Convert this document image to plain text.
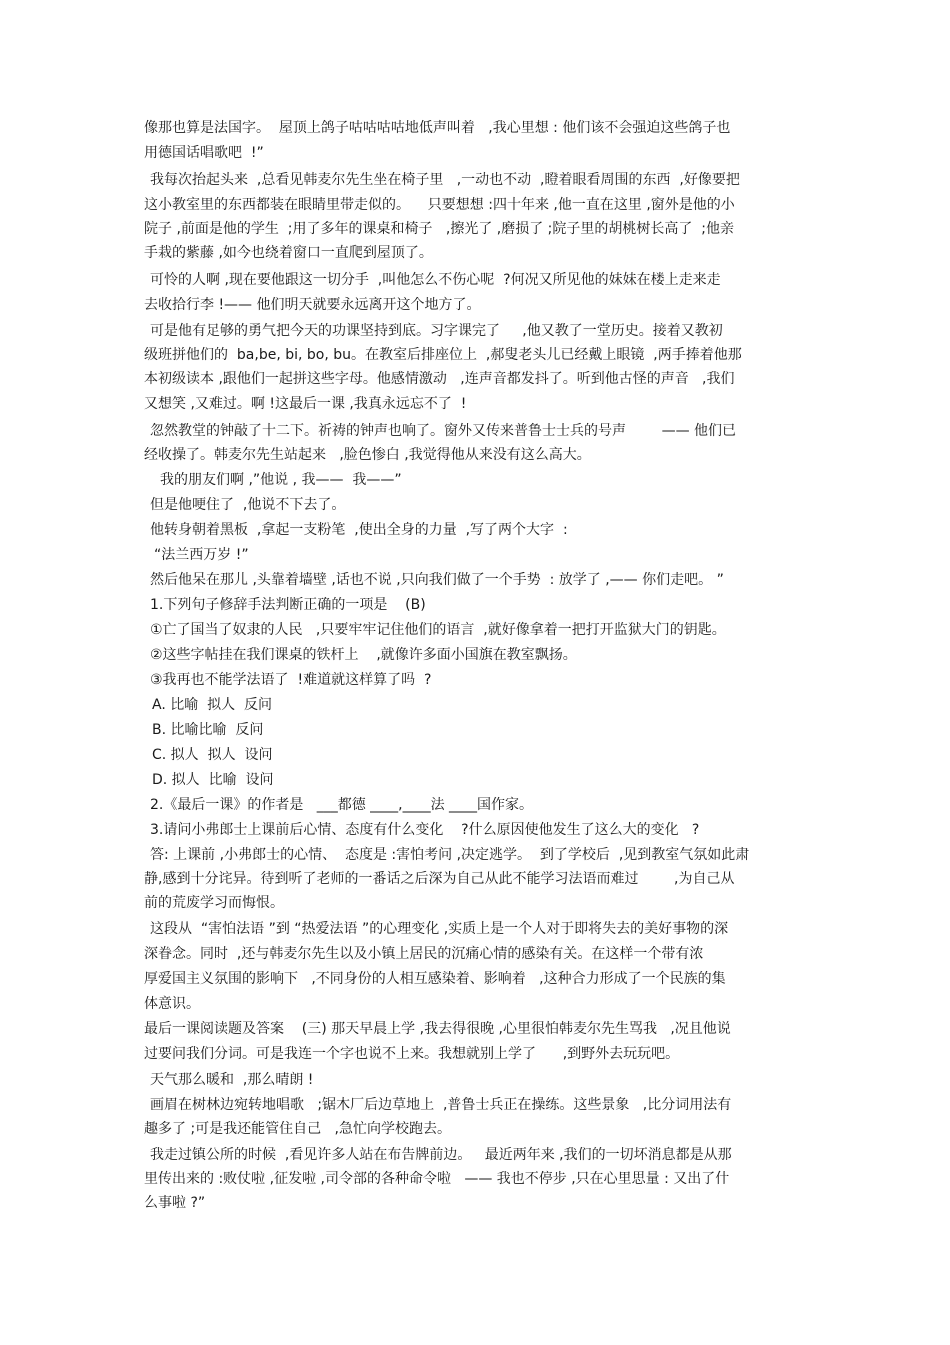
像那也算是法国字。  屋顶上鸽子咕咕咕咕地低声叫着   ,我心里想 : 他们该不会强迫这些鸽子也
用德国话唱歌吧  !”
我每次抬起头来  ,总看见韩麦尔先生坐在椅子里   ,一动也不动  ,瞪着眼看周围的东西  ,好像要把
这小教室里的东西都装在眼睛里带走似的。    只要想想 :四十年来 ,他一直在这里 ,窗外是他的小
院子 ,前面是他的学生  ;用了多年的课桌和椅子   ,擦光了 ,磨损了 ;院子里的胡桃树长高了  ;他亲
手栽的紫藤 ,如今也绕着窗口一直爬到屋顶了。
可怜的人啊 ,现在要他跟这一切分手  ,叫他怎么不伤心呢  ?何况又所见他的妹妹在楼上走来走
去收拾行李 !—— 他们明天就要永远离开这个地方了。
可是他有足够的勇气把今天的功课坚持到底。习字课完了     ,他又教了一堂历史。接着又教初
级班拼他们的  ba,be, bi, bo, bu。在教室后排座位上  ,郝叟老头儿已经戴上眼镜  ,两手捧着他那
本初级读本 ,跟他们一起拼这些字母。他感情激动   ,连声音都发抖了。听到他古怪的声音   ,我们
又想笑 ,又难过。啊 !这最后一课 ,我真永远忘不了  !
忽然教堂的钟敲了十二下。祈祷的钟声也响了。窗外又传来普鲁士士兵的号声        —— 他们已
经收操了。韩麦尔先生站起来   ,脸色惨白 ,我觉得他从来没有这么高大。
我的朋友们啊 ,”他说 , 我——  我——”
但是他哽住了  ,他说不下去了。
他转身朝着黑板  ,拿起一支粉笔  ,使出全身的力量  ,写了两个大字  :
“法兰西万岁 !”
然后他呆在那儿 ,头靠着墙壁 ,话也不说 ,只向我们做了一个手势  : 放学了 ,—— 你们走吧。 ”
1.下列句子修辞手法判断正确的一项是    (B)
①亡了国当了奴隶的人民   ,只要牢牢记住他们的语言  ,就好像拿着一把打开监狱大门的钥匙。
②这些字帖挂在我们课桌的铁杆上    ,就像许多面小国旗在教室飘扬。
③我再也不能学法语了  !难道就这样算了吗  ?
A. 比喻  拟人  反问
B. 比喻比喻  反问
C. 拟人  拟人  设问
D. 拟人  比喻  设问
2.《最后一课》的作者是   ___都德 ____,____法 ____国作家。
3.请问小弗郎士上课前后心情、态度有什么变化    ?什么原因使他发生了这么大的变化   ?
答: 上课前 ,小弗郎士的心情、  态度是 :害怕考问 ,决定逃学。  到了学校后  ,见到教室气氛如此肃
静,感到十分诧异。待到听了老师的一番话之后深为自己从此不能学习法语而难过        ,为自己从
前的荒废学习而悔恨。
这段从  “害怕法语 ”到 “热爱法语 ”的心理变化 ,实质上是一个人对于即将失去的美好事物的深
深眷念。同时  ,还与韩麦尔先生以及小镇上居民的沉痛心情的感染有关。在这样一个带有浓
厚爱国主义氛围的影响下   ,不同身份的人相互感染着、影响着   ,这种合力形成了一个民族的集
体意识。
最后一课阅读题及答案    (三) 那天早晨上学 ,我去得很晚 ,心里很怕韩麦尔先生骂我   ,况且他说
过要问我们分词。可是我连一个字也说不上来。我想就别上学了      ,到野外去玩玩吧。
天气那么暖和  ,那么晴朗 !
画眉在树林边宛转地唱歌   ;锯木厂后边草地上  ,普鲁士兵正在操练。这些景象   ,比分词用法有
趣多了 ;可是我还能管住自己   ,急忙向学校跑去。
我走过镇公所的时候  ,看见许多人站在布告牌前边。   最近两年来 ,我们的一切坏消息都是从那
里传出来的 :败仗啦 ,征发啦 ,司令部的各种命令啦   —— 我也不停步 ,只在心里思量 : 又出了什
么事啦 ?”
